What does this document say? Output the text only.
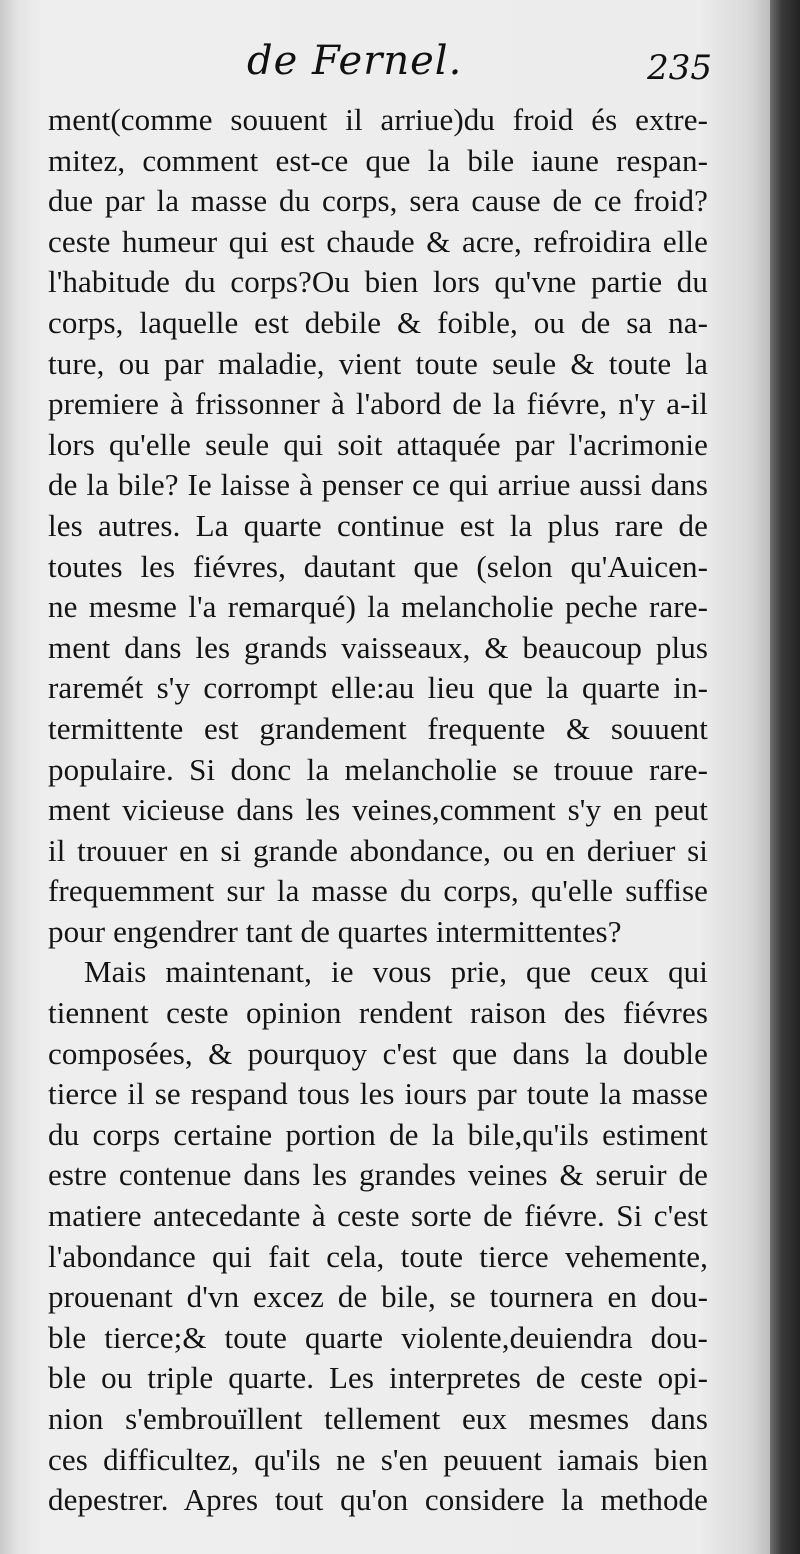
de Fernel.	235
ment(comme souuent il arriue)du froid és extre-
mitez, comment est-ce que la bile iaune respan-
due par la masse du corps, sera cause de ce froid?
ceste humeur qui est chaude & acre, refroidira elle
l'habitude du corps?Ou bien lors qu'vne partie du
corps, laquelle est debile & foible, ou de sa na-
ture, ou par maladie, vient toute seule & toute la
premiere à frissonner à l'abord de la fiévre, n'y a-il
lors qu'elle seule qui soit attaquée par l'acrimonie
de la bile? Ie laisse à penser ce qui arriue aussi dans
les autres. La quarte continue est la plus rare de
toutes les fiévres, dautant que (selon qu'Auicen-
ne mesme l'a remarqué) la melancholie peche rare-
ment dans les grands vaisseaux, & beaucoup plus
raremét s'y corrompt elle:au lieu que la quarte in-
termittente est grandement frequente & souuent
populaire. Si donc la melancholie se trouue rare-
ment vicieuse dans les veines,comment s'y en peut
il trouuer en si grande abondance, ou en deriuer si
frequemment sur la masse du corps, qu'elle suffise
pour engendrer tant de quartes intermittentes?
Mais maintenant, ie vous prie, que ceux qui
tiennent ceste opinion rendent raison des fiévres
composées, & pourquoy c'est que dans la double
tierce il se respand tous les iours par toute la masse
du corps certaine portion de la bile,qu'ils estiment
estre contenue dans les grandes veines & seruir de
matiere antecedante à ceste sorte de fiévre. Si c'est
l'abondance qui fait cela, toute tierce vehemente,
prouenant d'vn excez de bile, se tournera en dou-
ble tierce;& toute quarte violente,deuiendra dou-
ble ou triple quarte. Les interpretes de ceste opi-
nion s'embrouïllent tellement eux mesmes dans
ces difficultez, qu'ils ne s'en peuuent iamais bien
depestrer. Apres tout qu'on considere la methode
